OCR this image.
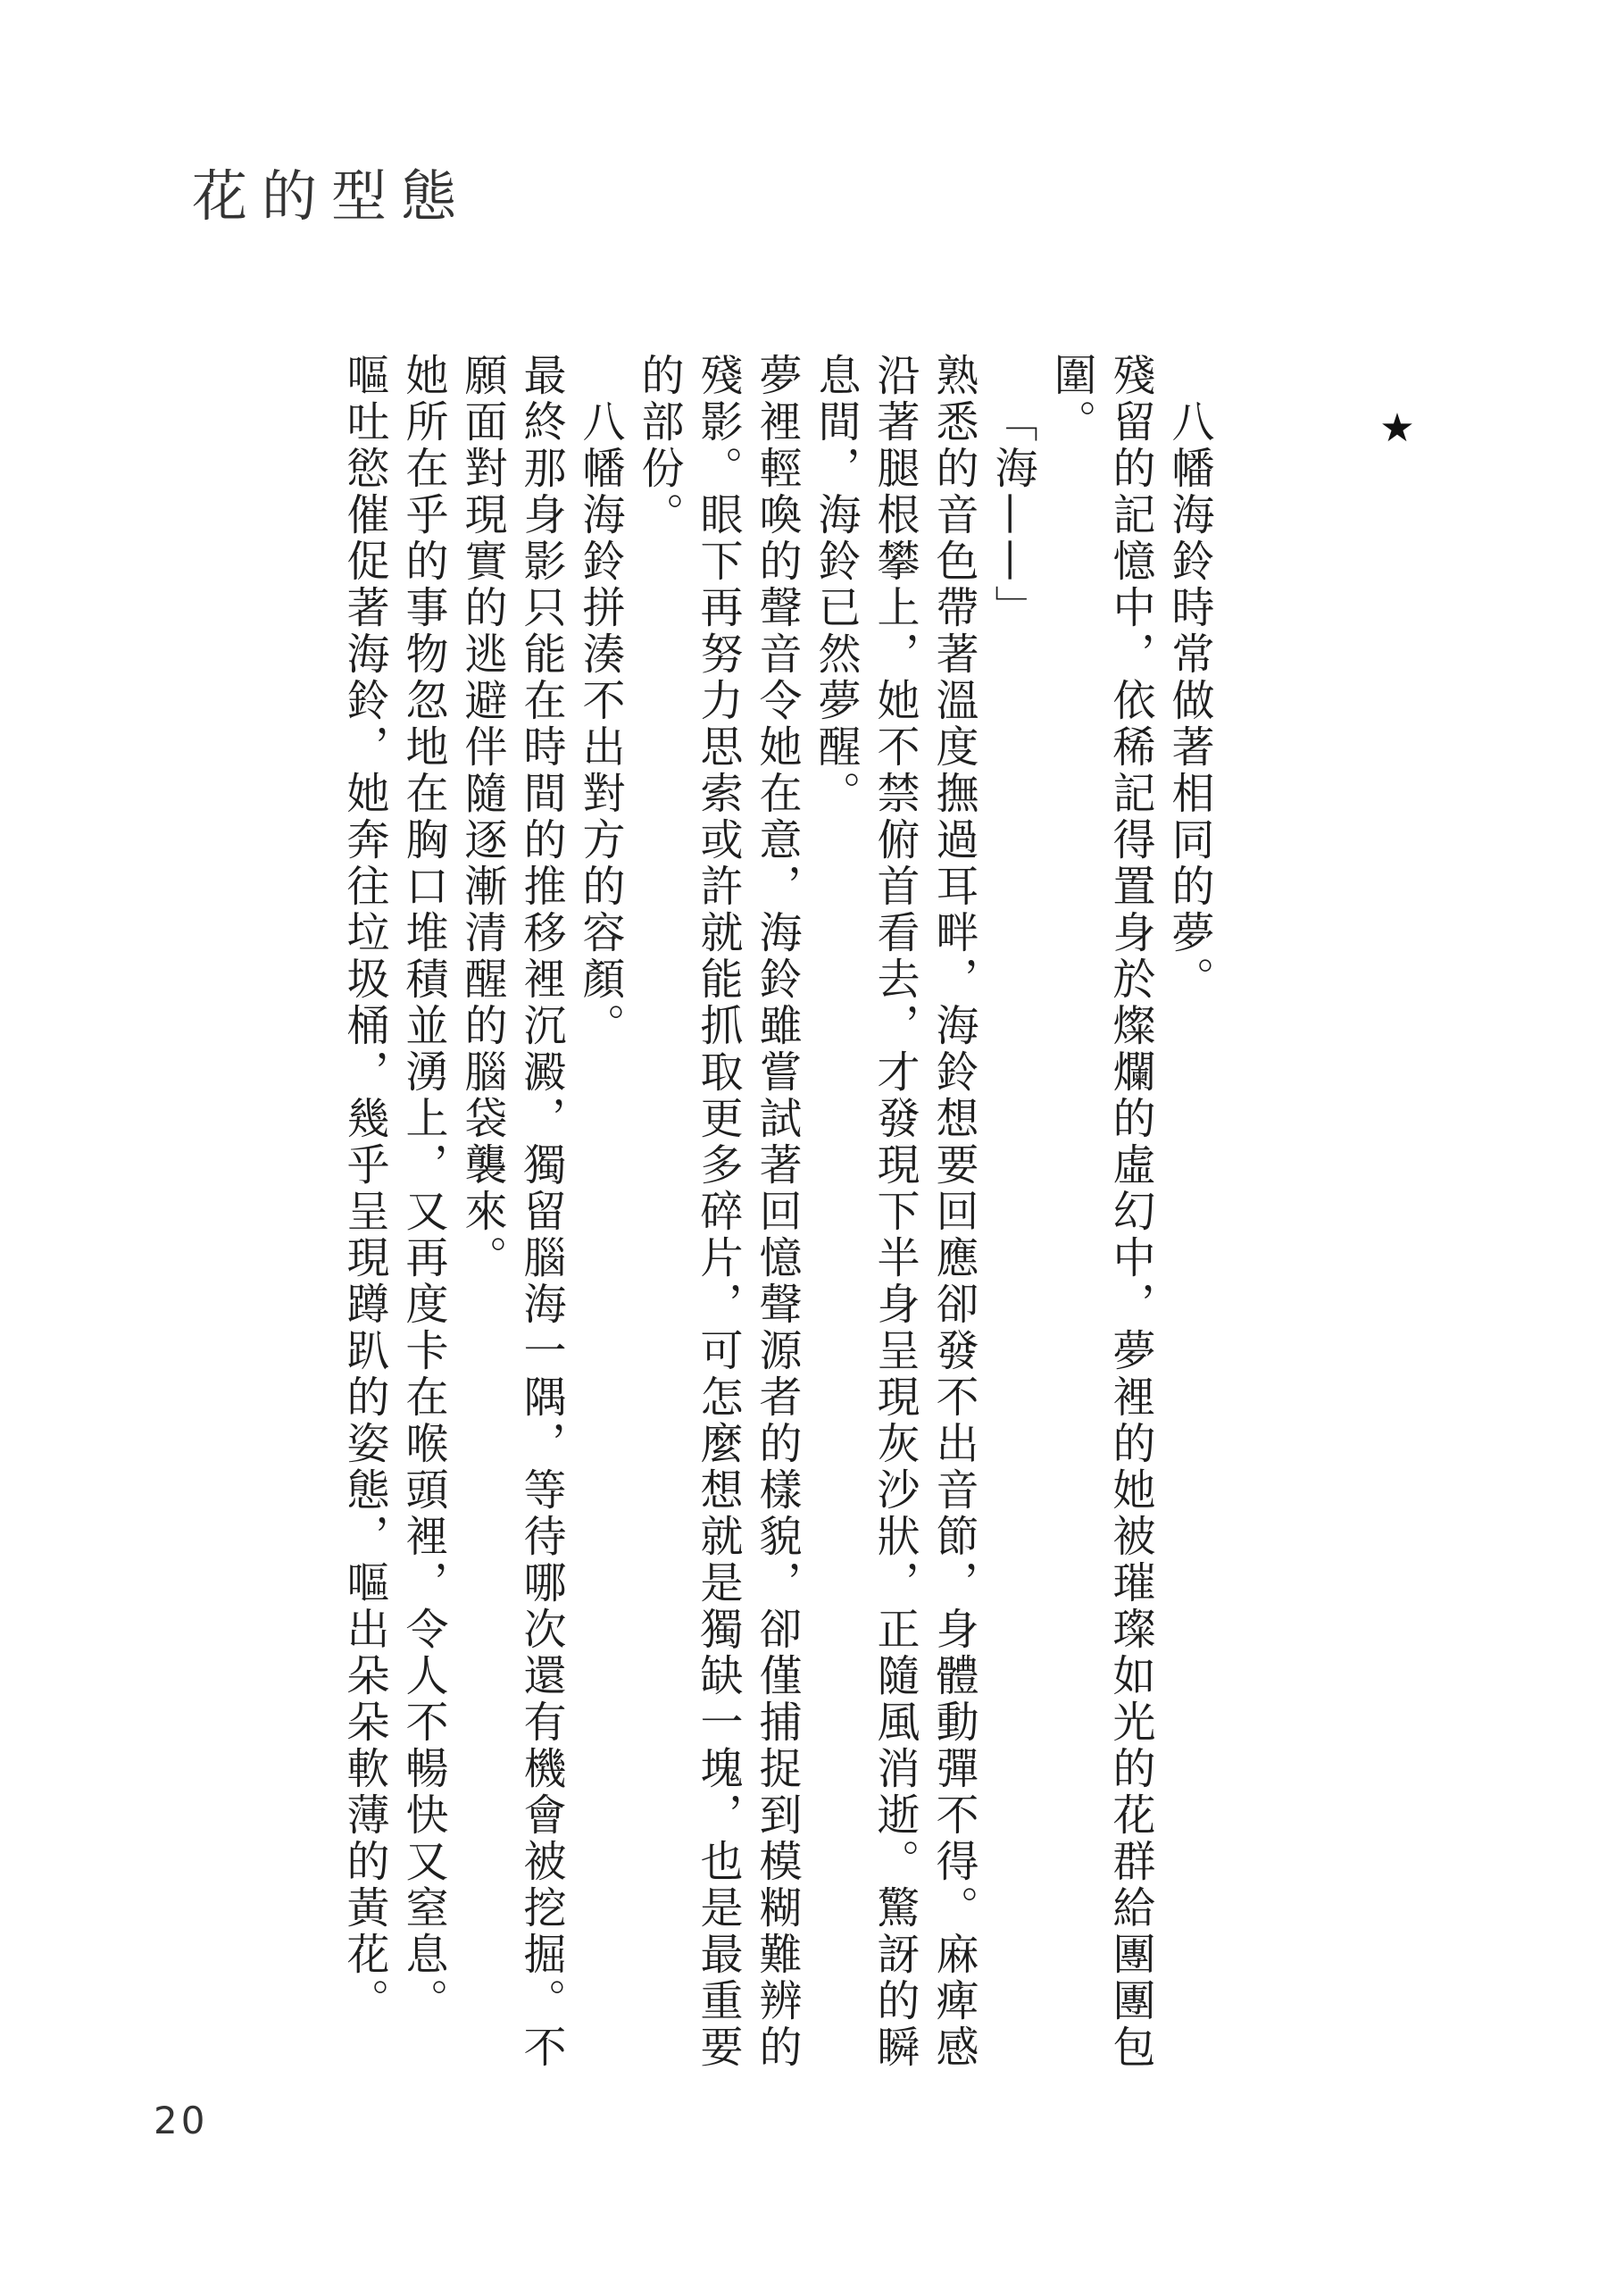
花的型態
★

八幡海鈴時常做著相同的夢。

殘留的記憶中，依稀記得置身於燦爛的虛幻中，夢裡的她被璀璨如光的花群給團團包圍。

「海——」

熟悉的音色帶著溫度撫過耳畔，海鈴想要回應卻發不出音節，身體動彈不得。麻痺感沿著腿根攀上，她不禁俯首看去，才發現下半身呈現灰沙狀，正隨風消逝。驚訝的瞬息間，海鈴已然夢醒。

夢裡輕喚的聲音令她在意，海鈴雖嘗試著回憶聲源者的樣貌，卻僅捕捉到模糊難辨的殘影。眼下再努力思索或許就能抓取更多碎片，可怎麼想就是獨缺一塊，也是最重要的部份。

八幡海鈴拼湊不出對方的容顏。

最終那身影只能在時間的推移裡沉澱，獨留腦海一隅，等待哪次還有機會被挖掘。不願面對現實的逃避伴隨逐漸清醒的腦袋襲來。

她所在乎的事物忽地在胸口堆積並湧上，又再度卡在喉頭裡，令人不暢快又窒息。

嘔吐慾催促著海鈴，她奔往垃圾桶，幾乎呈現蹲趴的姿態，嘔出朵朵軟薄的黃花。

20
